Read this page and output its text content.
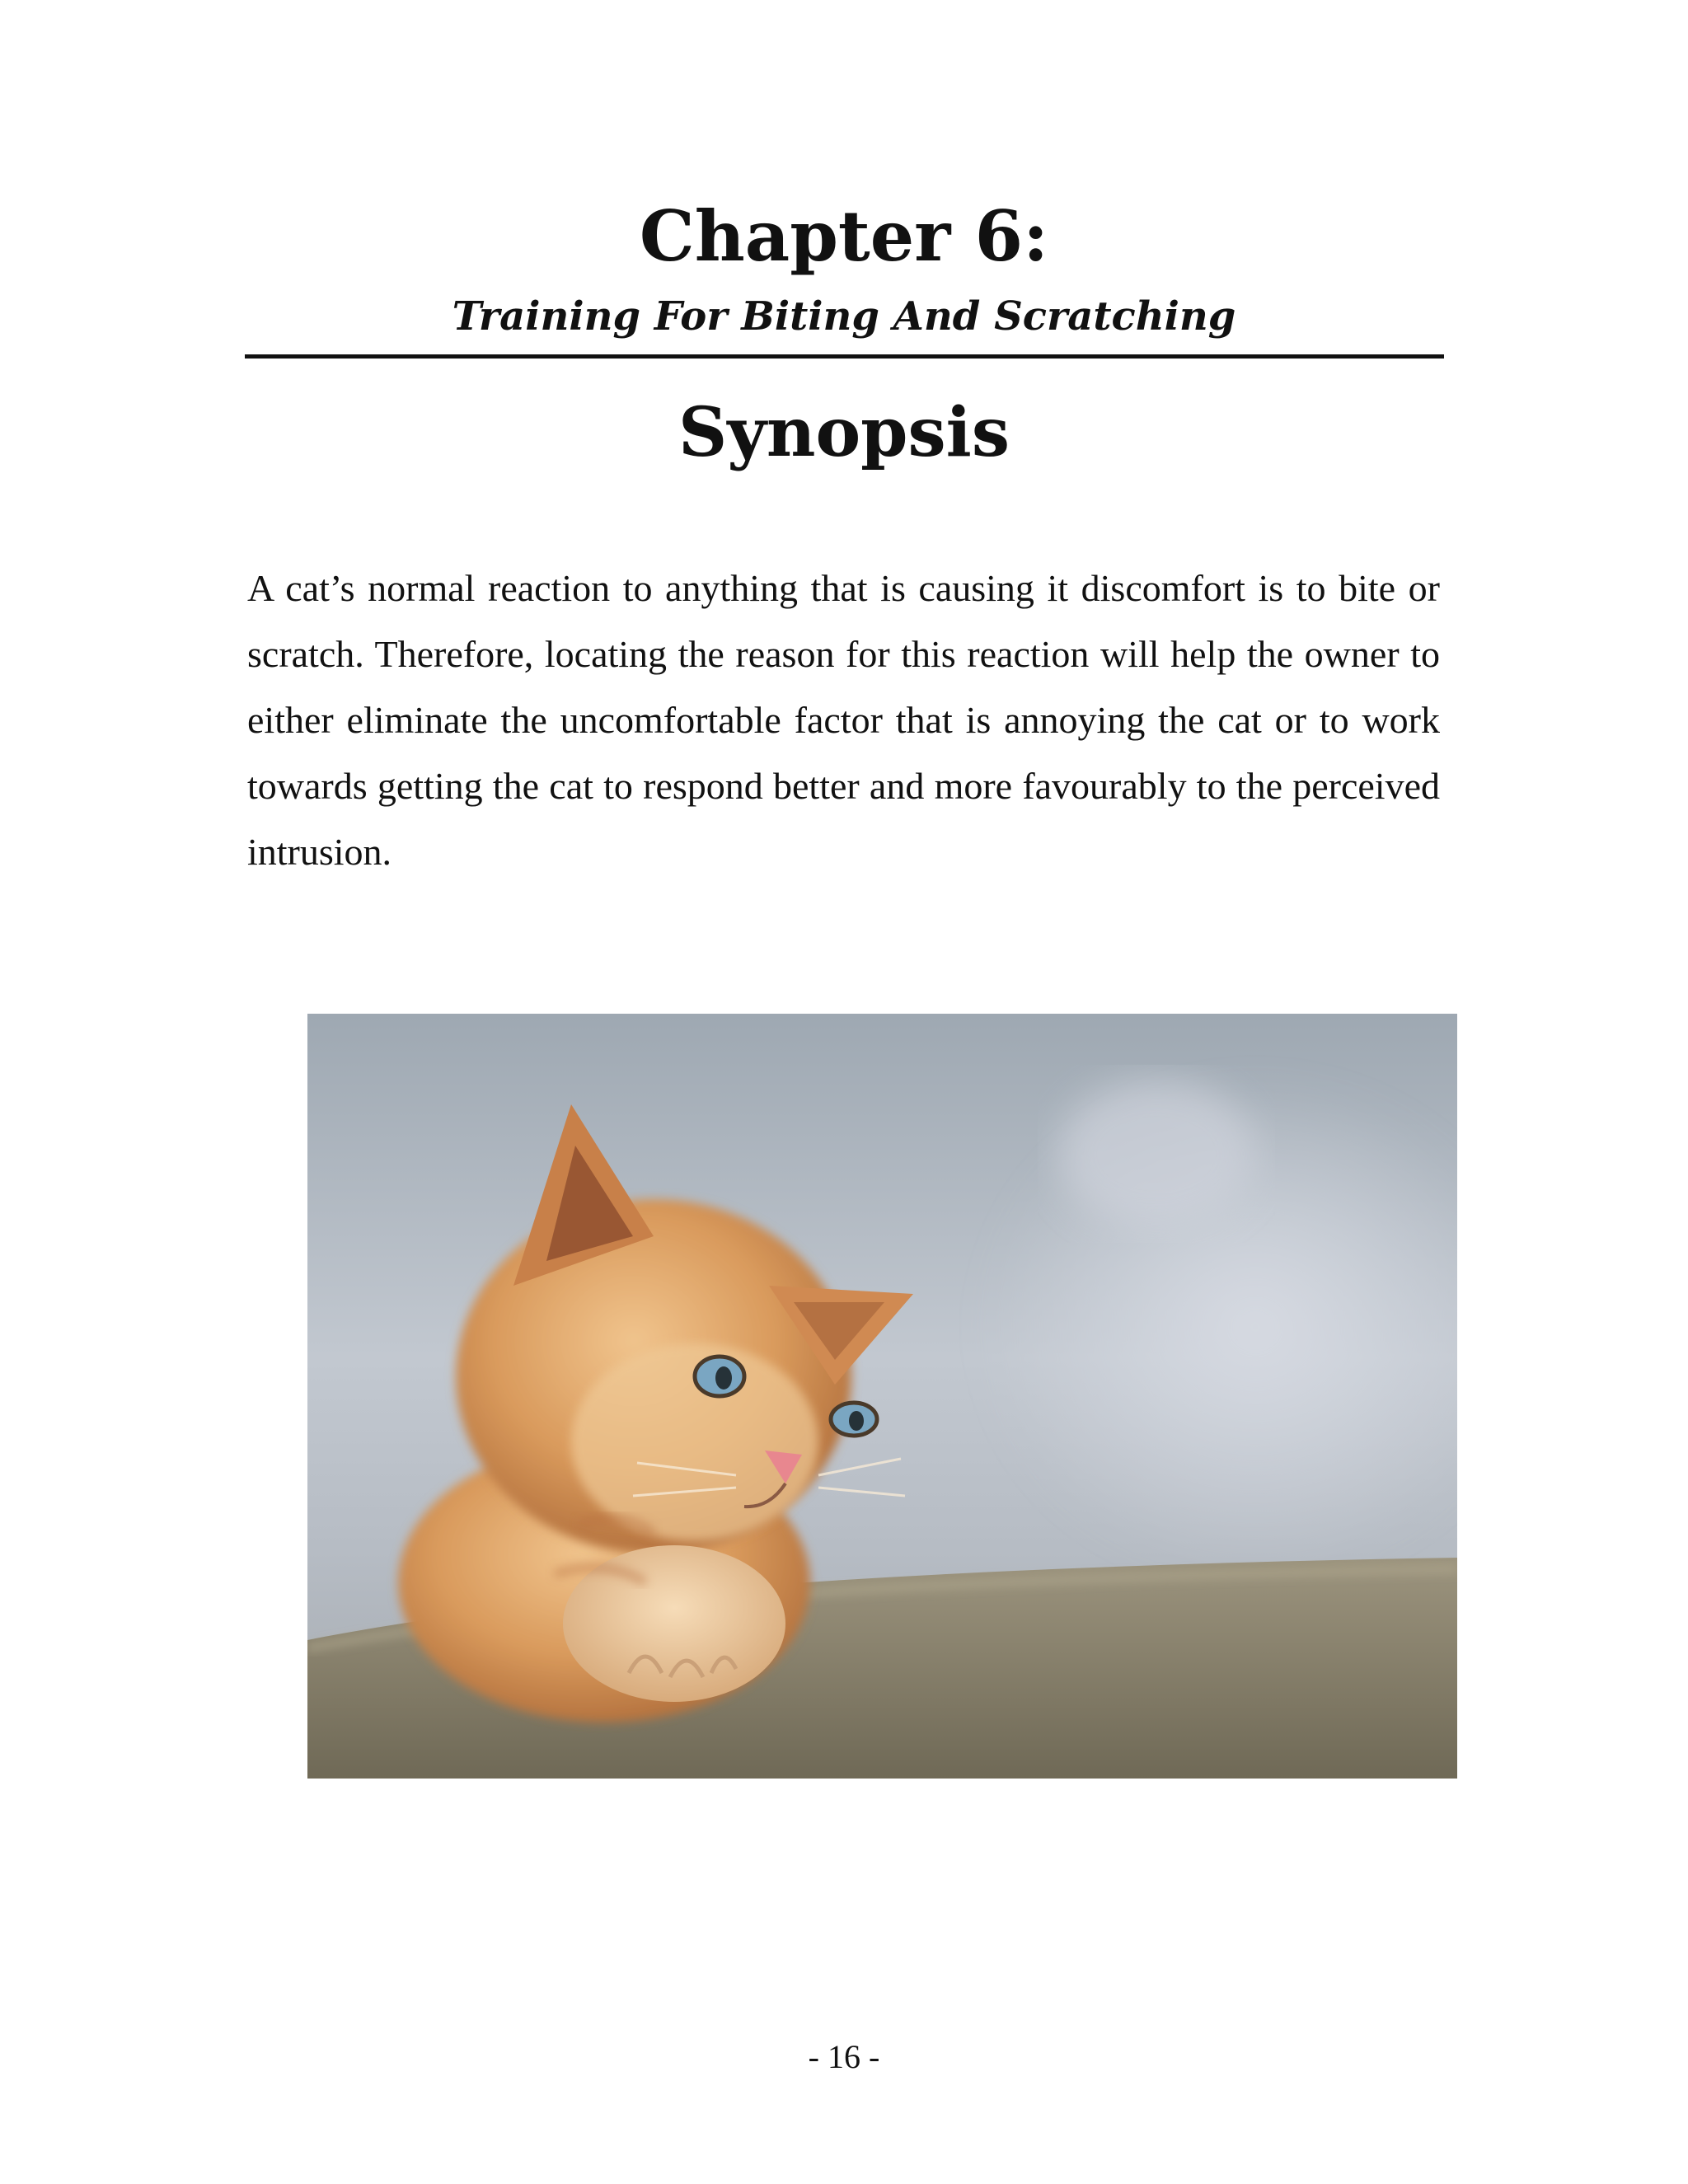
Chapter 6:
Training For Biting And Scratching
Synopsis

A cat’s normal reaction to anything that is causing it discomfort is to bite or scratch. Therefore, locating the reason for this reaction will help the owner to either eliminate the uncomfortable factor that is annoying the cat or to work towards getting the cat to respond better and more favourably to the perceived intrusion.

- 16 -
